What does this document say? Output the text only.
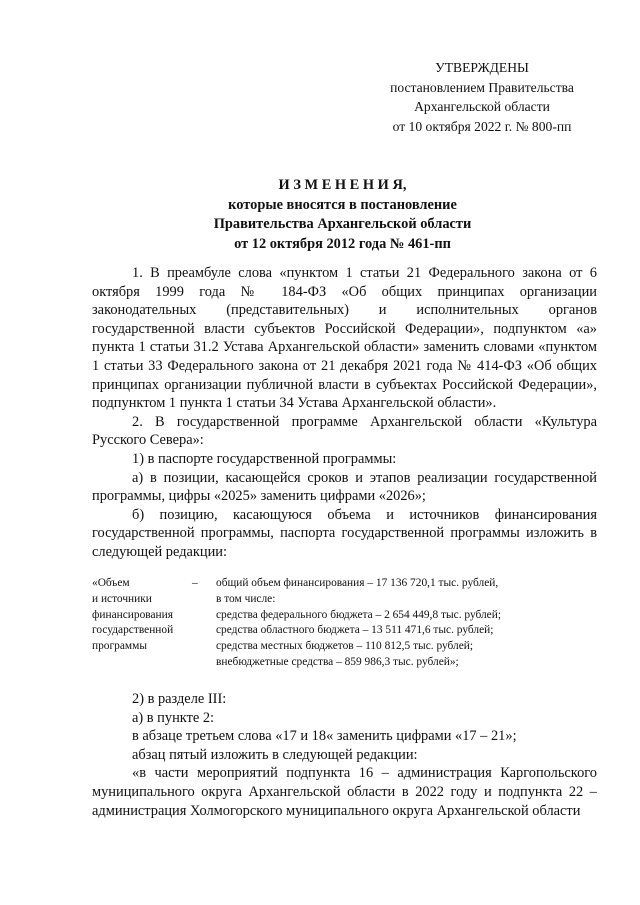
УТВЕРЖДЕНЫ
постановлением Правительства
Архангельской области
от 10 октября 2022 г. № 800-пп
И З М Е Н Е Н И Я,
которые вносятся в постановление
Правительства Архангельской области
от 12 октября 2012 года № 461-пп

1. В преамбуле слова «пунктом 1 статьи 21 Федерального закона от 6 октября 1999 года № 184-ФЗ «Об общих принципах организации законодательных (представительных) и исполнительных органов государственной власти субъектов Российской Федерации», подпунктом «а» пункта 1 статьи 31.2 Устава Архангельской области» заменить словами «пунктом 1 статьи 33 Федерального закона от 21 декабря 2021 года № 414-ФЗ «Об общих принципах организации публичной власти в субъектах Российской Федерации», подпунктом 1 пункта 1 статьи 34 Устава Архангельской области».

2. В государственной программе Архангельской области «Культура Русского Севера»:

1) в паспорте государственной программы:

а) в позиции, касающейся сроков и этапов реализации государственной программы, цифры «2025» заменить цифрами «2026»;

б) позицию, касающуюся объема и источников финансирования государственной программы, паспорта государственной программы изложить в следующей редакции:

«Объем
и источники
финансирования
государственной
программы
– общий объем финансирования – 17 136 720,1 тыс. рублей,
в том числе:
средства федерального бюджета – 2 654 449,8 тыс. рублей;
средства областного бюджета – 13 511 471,6 тыс. рублей;
средства местных бюджетов – 110 812,5 тыс. рублей;
внебюджетные средства – 859 986,3 тыс. рублей»;

2) в разделе III:

а) в пункте 2:

в абзаце третьем слова «17 и 18« заменить цифрами «17 – 21»;

абзац пятый изложить в следующей редакции:

«в части мероприятий подпункта 16 – администрация Каргопольского муниципального округа Архангельской области в 2022 году и подпункта 22 – администрация Холмогорского муниципального округа Архангельской области
